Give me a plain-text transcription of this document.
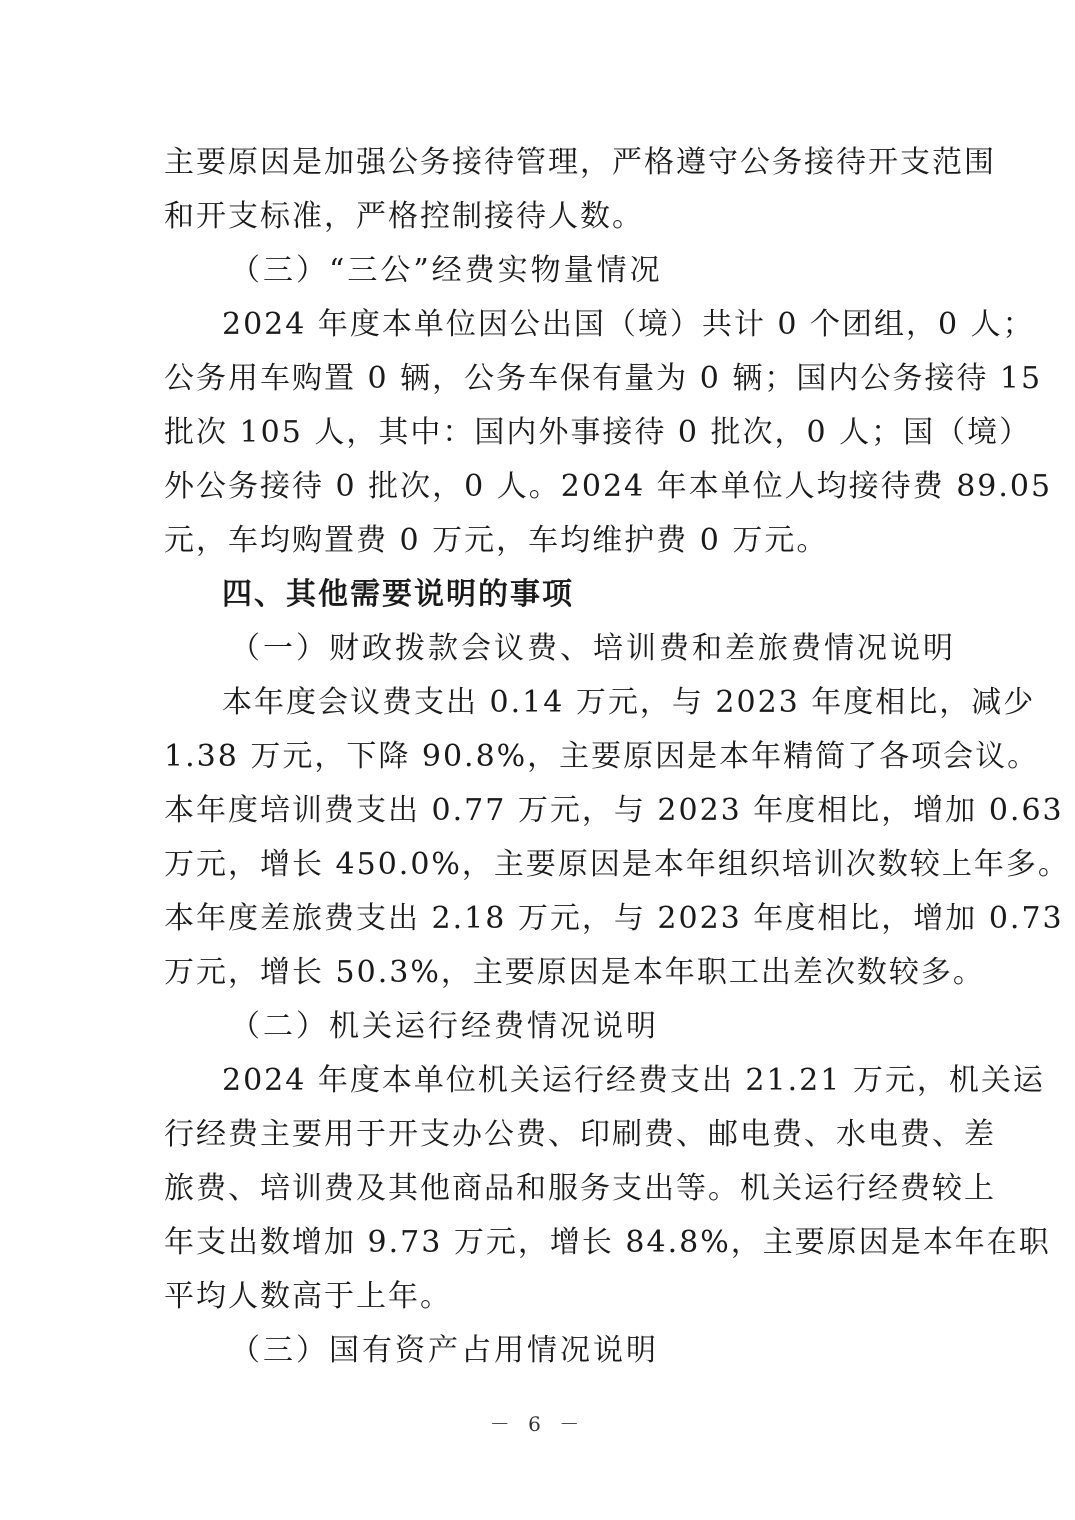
主要原因是加强公务接待管理，严格遵守公务接待开支范围
和开支标准，严格控制接待人数。
（三）“三公”经费实物量情况
2024 年度本单位因公出国（境）共计 0 个团组，0 人；
公务用车购置 0 辆，公务车保有量为 0 辆；国内公务接待 15
批次 105 人，其中：国内外事接待 0 批次，0 人；国（境）
外公务接待 0 批次，0 人。2024 年本单位人均接待费 89.05
元，车均购置费 0 万元，车均维护费 0 万元。
四、其他需要说明的事项
（一）财政拨款会议费、培训费和差旅费情况说明
本年度会议费支出 0.14 万元，与 2023 年度相比，减少
1.38 万元，下降 90.8%，主要原因是本年精简了各项会议。
本年度培训费支出 0.77 万元，与 2023 年度相比，增加 0.63
万元，增长 450.0%，主要原因是本年组织培训次数较上年多。
本年度差旅费支出 2.18 万元，与 2023 年度相比，增加 0.73
万元，增长 50.3%，主要原因是本年职工出差次数较多。
（二）机关运行经费情况说明
2024 年度本单位机关运行经费支出 21.21 万元，机关运
行经费主要用于开支办公费、印刷费、邮电费、水电费、差
旅费、培训费及其他商品和服务支出等。机关运行经费较上
年支出数增加 9.73 万元，增长 84.8%，主要原因是本年在职
平均人数高于上年。
（三）国有资产占用情况说明
－ 6 －
